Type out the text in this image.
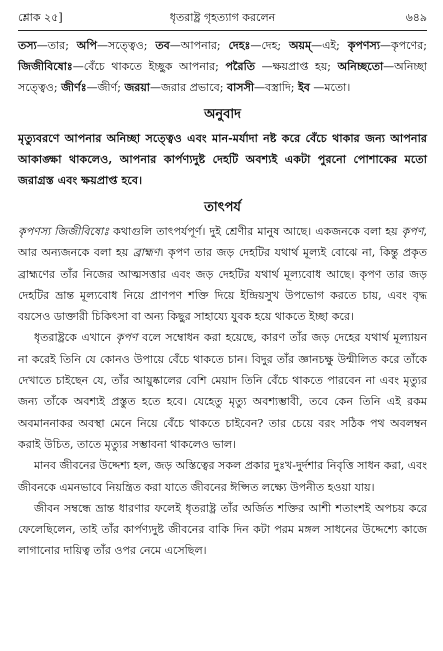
শ্লোক ২৫]	ধৃতরাষ্ট্র গৃহত্যাগ করলেন	৬৪৯
তস্য—তার; অপি—সত্ত্বেও; তব—আপনার; দেহঃ—দেহ; অয়ম্—এই; কৃপণস্য—কৃপণের; জিজীবিষোঃ—বেঁচে থাকতে ইচ্ছুক আপনার; পরৈতি —ক্ষয়প্রাপ্ত হয়; অনিচ্ছতো—অনিচ্ছা সত্ত্বেও; জীর্ণঃ—জীর্ণ; জরয়া—জরার প্রভাবে; বাসসী—বস্ত্রাদি; ইব —মতো।
অনুবাদ
মৃত্যুবরণে আপনার অনিচ্ছা সত্ত্বেও এবং মান-মর্যাদা নষ্ট করে বেঁচে থাকার জন্য আপনার আকাঙ্ক্ষা থাকলেও, আপনার কার্পণ্যদুষ্ট দেহটি অবশ্যই একটা পুরনো পোশাকের মতো জরাগ্রস্ত এবং ক্ষয়প্রাপ্ত হবে।
তাৎপর্য

কৃপণস্য জিজীবিষোঃ কথাগুলি তাৎপর্যপূর্ণ। দুই শ্রেণীর মানুষ আছে। একজনকে বলা হয় কৃপণ, আর অন্যজনকে বলা হয় ব্রাহ্মণ। কৃপণ তার জড় দেহটির যথার্থ মূল্যই বোঝে না, কিন্তু প্রকৃত ব্রাহ্মণের তাঁর নিজের আত্মসত্তার এবং জড় দেহটির যথার্থ মূল্যবোধ আছে। কৃপণ তার জড় দেহটির ভ্রান্ত মূল্যবোধ নিয়ে প্রাণপণ শক্তি দিয়ে ইন্দ্রিয়সুখ উপভোগ করতে চায়, এবং বৃদ্ধ বয়সেও ডাক্তারী চিকিৎসা বা অন্য কিছুর সাহায্যে যুবক হয়ে থাকতে ইচ্ছা করে।

ধৃতরাষ্ট্রকে এখানে কৃপণ বলে সম্বোধন করা হয়েছে, কারণ তাঁর জড় দেহের যথার্থ মূল্যায়ন না করেই তিনি যে কোনও উপায়ে বেঁচে থাকতে চান। বিদুর তাঁর জ্ঞানচক্ষু উন্মীলিত করে তাঁকে দেখাতে চাইছেন যে, তাঁর আয়ুষ্কালের বেশি মেয়াদ তিনি বেঁচে থাকতে পারবেন না এবং মৃত্যুর জন্য তাঁকে অবশ্যই প্রস্তুত হতে হবে। যেহেতু মৃত্যু অবশ্যম্ভাবী, তবে কেন তিনি এই রকম অবমাননাকর অবস্থা মেনে নিয়ে বেঁচে থাকতে চাইবেন? তার চেয়ে বরং সঠিক পথ অবলম্বন করাই উচিত, তাতে মৃত্যুর সম্ভাবনা থাকলেও ভাল।

মানব জীবনের উদ্দেশ্য হল, জড় অস্তিত্বের সকল প্রকার দুঃখ-দুর্দশার নিবৃত্তি সাধন করা, এবং জীবনকে এমনভাবে নিয়ন্ত্রিত করা যাতে জীবনের ঈপ্সিত লক্ষ্যে উপনীত হওয়া যায়।

জীবন সম্বন্ধে ভ্রান্ত ধারণার ফলেই ধৃতরাষ্ট্র তাঁর অর্জিত শক্তির আশী শতাংশই অপচয় করে ফেলেছিলেন, তাই তাঁর কার্পণ্যদুষ্ট জীবনের বাকি দিন কটা পরম মঙ্গল সাধনের উদ্দেশ্যে কাজে লাগানোর দায়িত্ব তাঁর ওপর নেমে এসেছিল।
